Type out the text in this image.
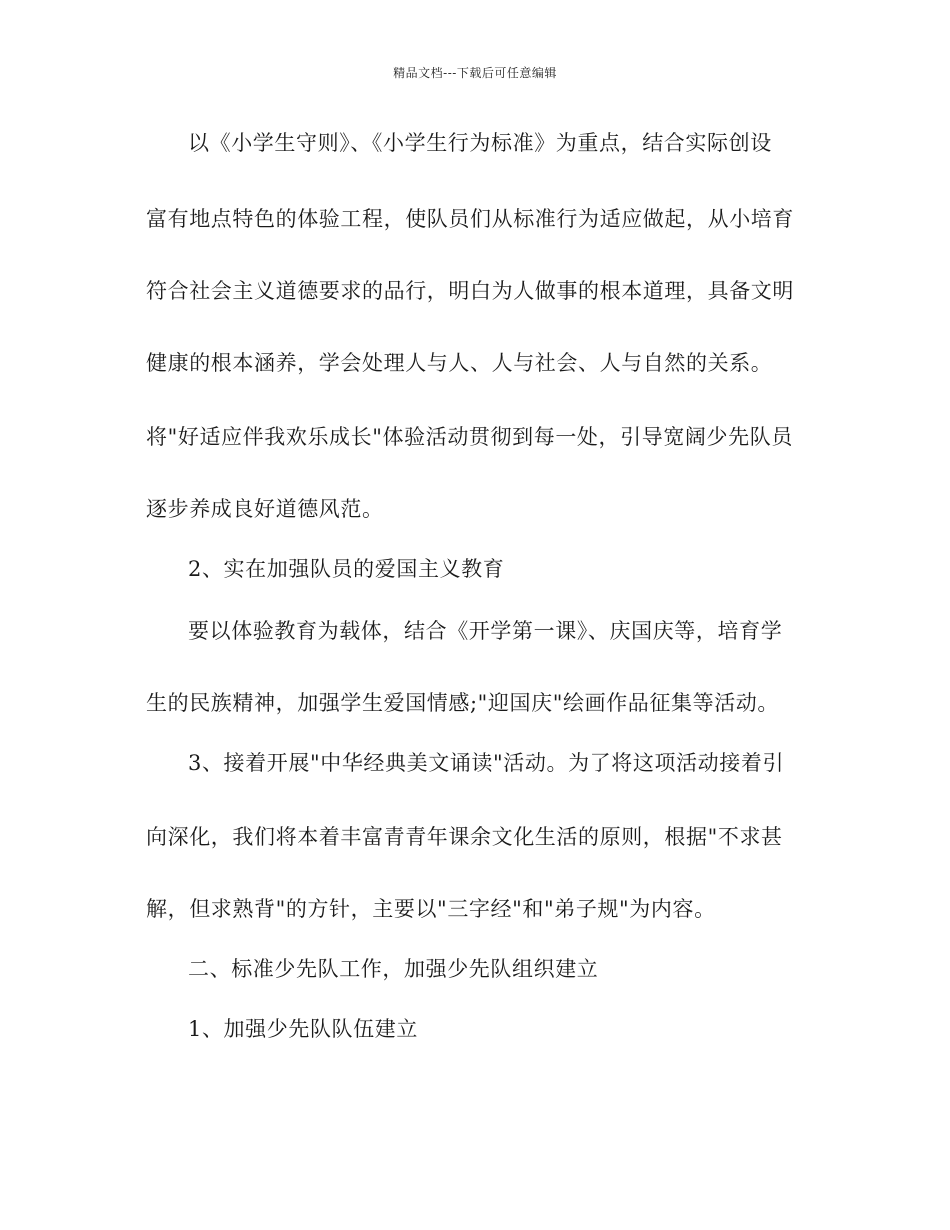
精品文档---下载后可任意编辑
以《小学生守则》、《小学生行为标准》为重点，结合实际创设
富有地点特色的体验工程，使队员们从标准行为适应做起，从小培育
符合社会主义道德要求的品行，明白为人做事的根本道理，具备文明
健康的根本涵养，学会处理人与人、人与社会、人与自然的关系。
将"好适应伴我欢乐成长"体验活动贯彻到每一处，引导宽阔少先队员
逐步养成良好道德风范。
2、实在加强队员的爱国主义教育
要以体验教育为载体，结合《开学第一课》、庆国庆等，培育学
生的民族精神，加强学生爱国情感;"迎国庆"绘画作品征集等活动。
3、接着开展"中华经典美文诵读"活动。为了将这项活动接着引
向深化，我们将本着丰富青青年课余文化生活的原则，根据"不求甚
解，但求熟背"的方针，主要以"三字经"和"弟子规"为内容。
二、标准少先队工作，加强少先队组织建立
1、加强少先队队伍建立
